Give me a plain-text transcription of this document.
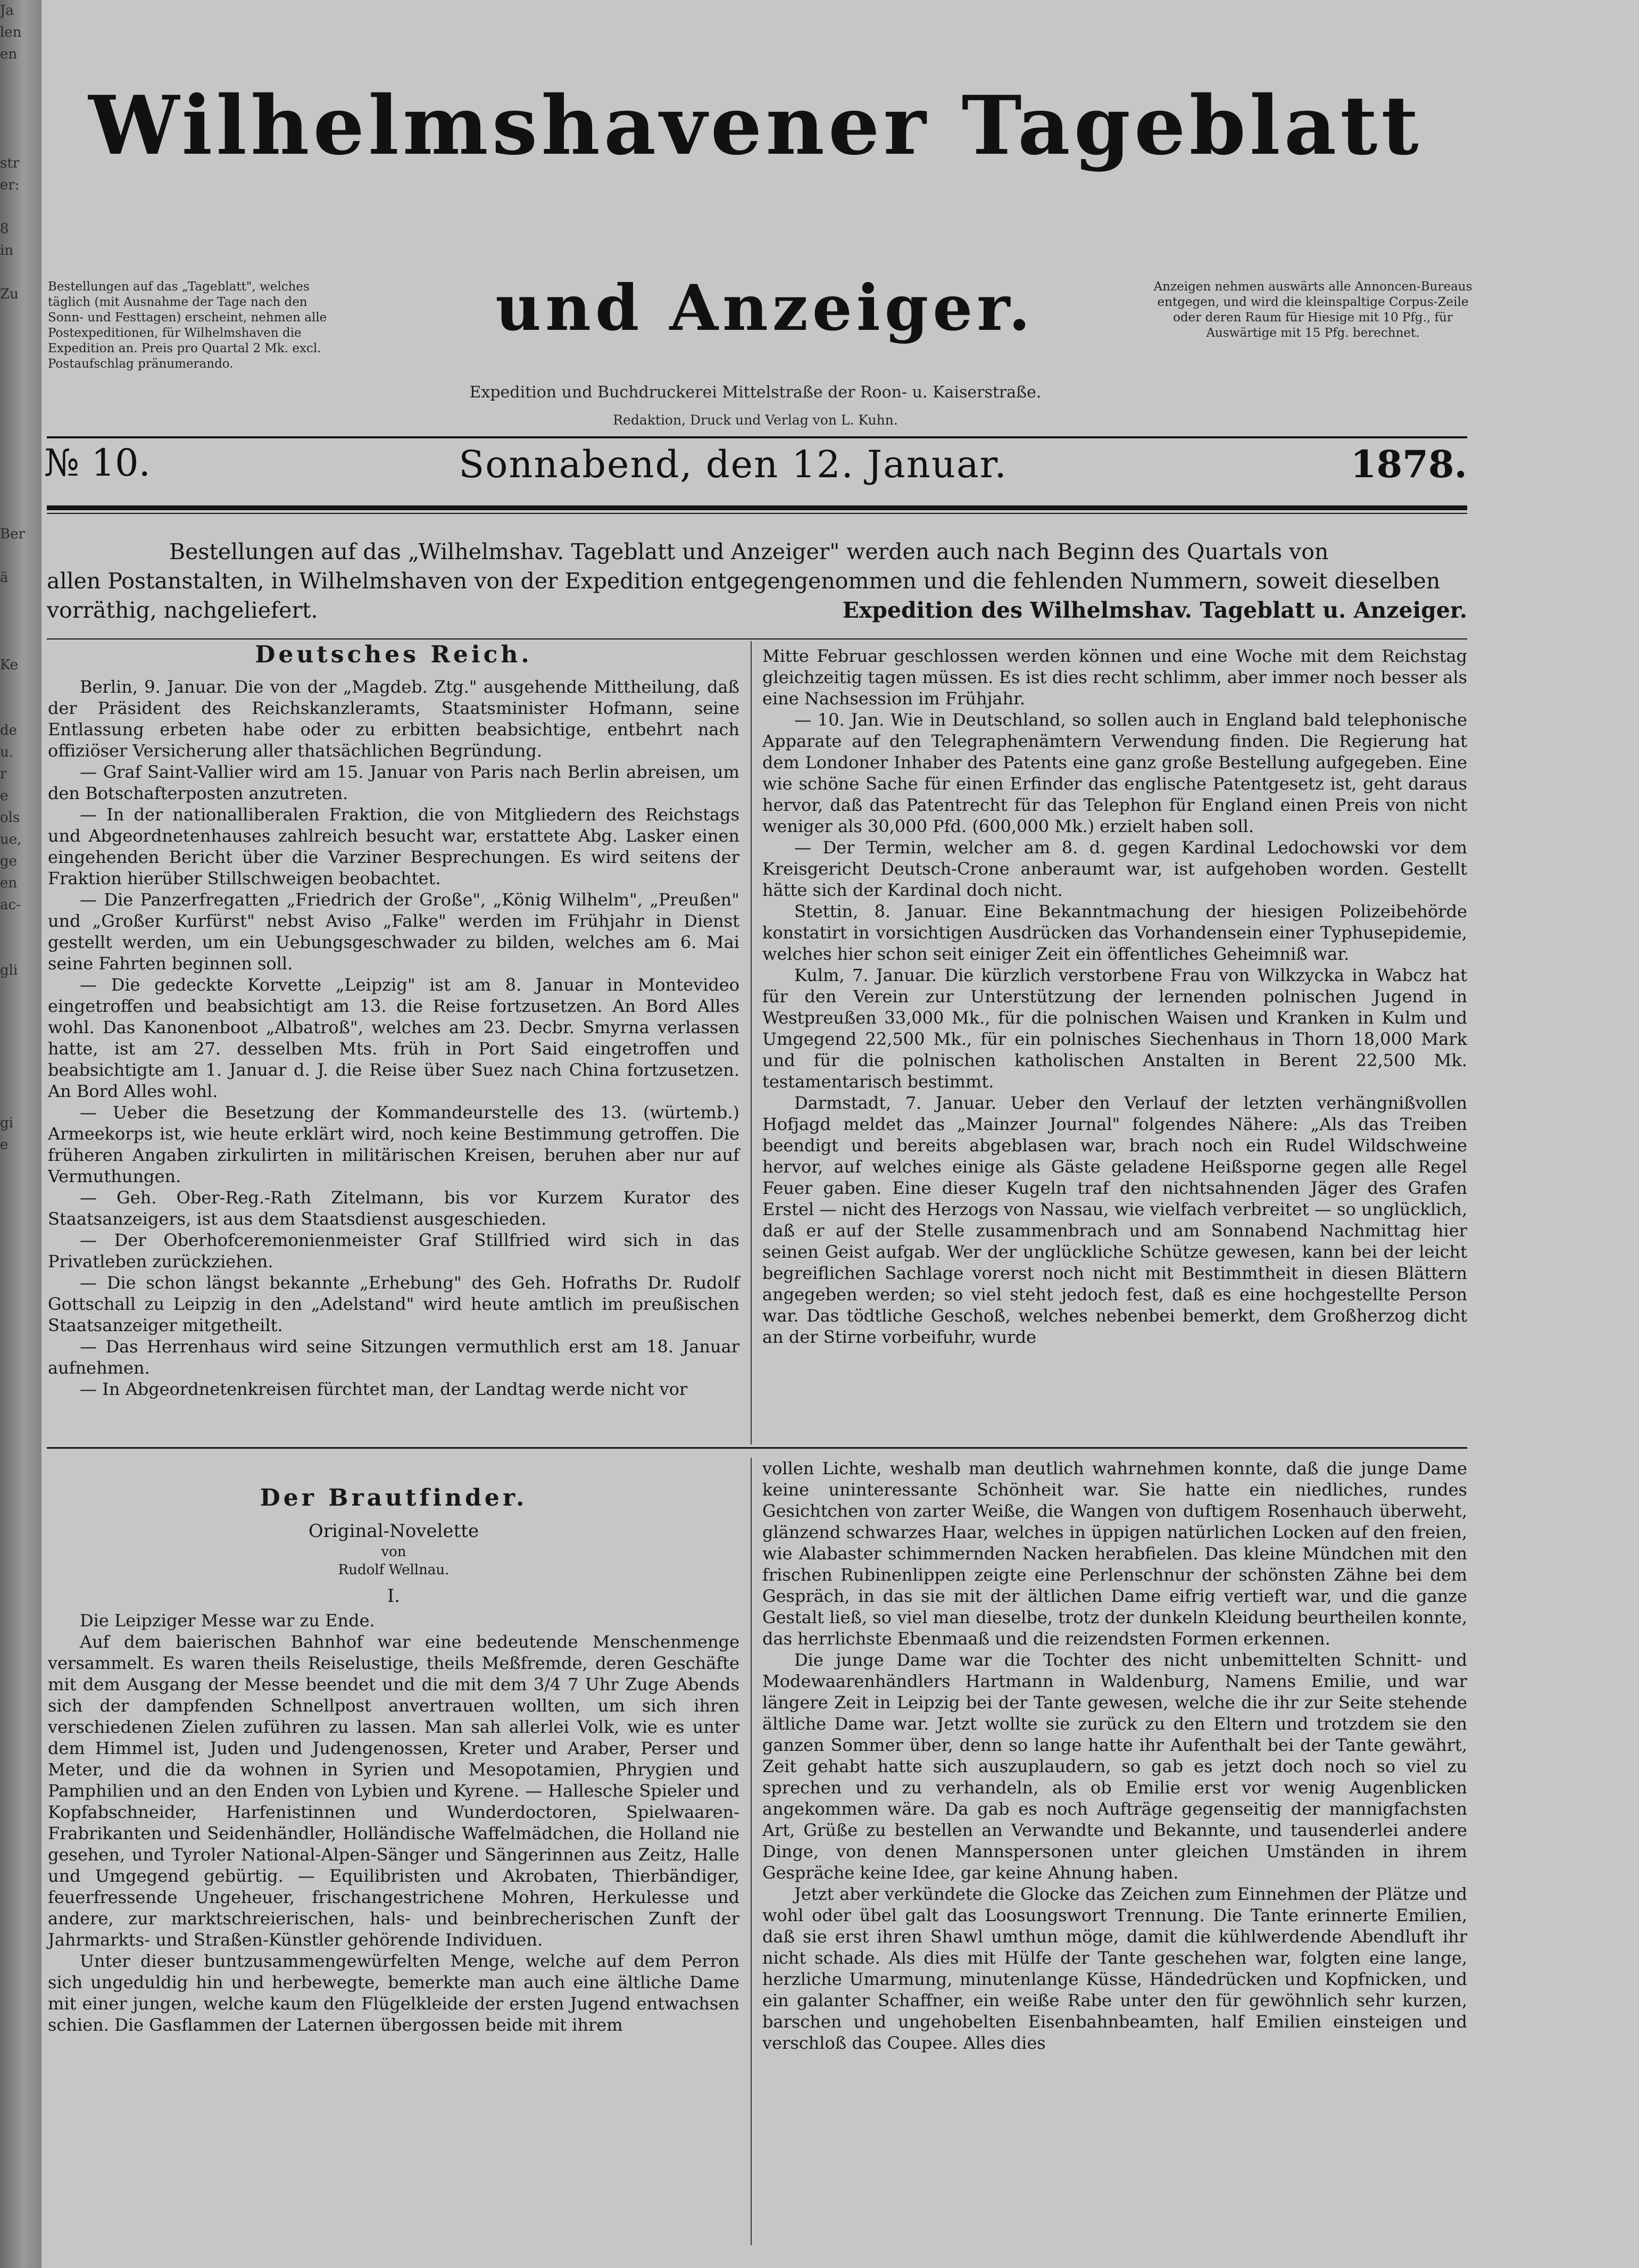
Ja
len
en

str
er:

8
in

Zu

Ber

ä

Ke

de
u.
r
e
ols
ue,
ge
en
ac-

gli

gi
e

Wilhelmshavener Tageblatt
und Anzeiger.
Bestellungen auf das „Tageblatt", welches täglich (mit Ausnahme der Tage nach den Sonn- und Festtagen) erscheint, nehmen alle Postexpeditionen, für Wilhelmshaven die Expedition an. Preis pro Quartal 2 Mk. excl. Postaufschlag pränumerando.
Anzeigen nehmen auswärts alle Annoncen-Bureaus entgegen, und wird die kleinspaltige Corpus-Zeile oder deren Raum für Hiesige mit 10 Pfg., für Auswärtige mit 15 Pfg. berechnet.
Expedition und Buchdruckerei Mittelstraße der Roon- u. Kaiserstraße.
Redaktion, Druck und Verlag von L. Kuhn.
№ 10.	Sonnabend, den 12. Januar.	1878.
Bestellungen auf das „Wilhelmshav. Tageblatt und Anzeiger" werden auch nach Beginn des Quartals von
allen Postanstalten, in Wilhelmshaven von der Expedition entgegengenommen und die fehlenden Nummern, soweit dieselben
vorräthig, nachgeliefert.	Expedition des Wilhelmshav. Tageblatt u. Anzeiger.
Deutsches Reich.

Berlin, 9. Januar. Die von der „Magdeb. Ztg." ausgehende Mittheilung, daß der Präsident des Reichskanzleramts, Staatsminister Hofmann, seine Entlassung erbeten habe oder zu erbitten beabsichtige, entbehrt nach offiziöser Versicherung aller thatsächlichen Begründung.

— Graf Saint-Vallier wird am 15. Januar von Paris nach Berlin abreisen, um den Botschafterposten anzutreten.

— In der nationalliberalen Fraktion, die von Mitgliedern des Reichstags und Abgeordnetenhauses zahlreich besucht war, erstattete Abg. Lasker einen eingehenden Bericht über die Varziner Besprechungen. Es wird seitens der Fraktion hierüber Stillschweigen beobachtet.

— Die Panzerfregatten „Friedrich der Große", „König Wilhelm", „Preußen" und „Großer Kurfürst" nebst Aviso „Falke" werden im Frühjahr in Dienst gestellt werden, um ein Uebungsgeschwader zu bilden, welches am 6. Mai seine Fahrten beginnen soll.

— Die gedeckte Korvette „Leipzig" ist am 8. Januar in Montevideo eingetroffen und beabsichtigt am 13. die Reise fortzusetzen. An Bord Alles wohl. Das Kanonenboot „Albatroß", welches am 23. Decbr. Smyrna verlassen hatte, ist am 27. desselben Mts. früh in Port Said eingetroffen und beabsichtigte am 1. Januar d. J. die Reise über Suez nach China fortzusetzen. An Bord Alles wohl.

— Ueber die Besetzung der Kommandeurstelle des 13. (würtemb.) Armeekorps ist, wie heute erklärt wird, noch keine Bestimmung getroffen. Die früheren Angaben zirkulirten in militärischen Kreisen, beruhen aber nur auf Vermuthungen.

— Geh. Ober-Reg.-Rath Zitelmann, bis vor Kurzem Kurator des Staatsanzeigers, ist aus dem Staatsdienst ausgeschieden.

— Der Oberhofceremonienmeister Graf Stillfried wird sich in das Privatleben zurückziehen.

— Die schon längst bekannte „Erhebung" des Geh. Hofraths Dr. Rudolf Gottschall zu Leipzig in den „Adelstand" wird heute amtlich im preußischen Staatsanzeiger mitgetheilt.

— Das Herrenhaus wird seine Sitzungen vermuthlich erst am 18. Januar aufnehmen.

— In Abgeordnetenkreisen fürchtet man, der Landtag werde nicht vor

Mitte Februar geschlossen werden können und eine Woche mit dem Reichstag gleichzeitig tagen müssen. Es ist dies recht schlimm, aber immer noch besser als eine Nachsession im Frühjahr.

— 10. Jan. Wie in Deutschland, so sollen auch in England bald telephonische Apparate auf den Telegraphenämtern Verwendung finden. Die Regierung hat dem Londoner Inhaber des Patents eine ganz große Bestellung aufgegeben. Eine wie schöne Sache für einen Erfinder das englische Patentgesetz ist, geht daraus hervor, daß das Patentrecht für das Telephon für England einen Preis von nicht weniger als 30,000 Pfd. (600,000 Mk.) erzielt haben soll.

— Der Termin, welcher am 8. d. gegen Kardinal Ledochowski vor dem Kreisgericht Deutsch-Crone anberaumt war, ist aufgehoben worden. Gestellt hätte sich der Kardinal doch nicht.

Stettin, 8. Januar. Eine Bekanntmachung der hiesigen Polizeibehörde konstatirt in vorsichtigen Ausdrücken das Vorhandensein einer Typhusepidemie, welches hier schon seit einiger Zeit ein öffentliches Geheimniß war.

Kulm, 7. Januar. Die kürzlich verstorbene Frau von Wilkzycka in Wabcz hat für den Verein zur Unterstützung der lernenden polnischen Jugend in Westpreußen 33,000 Mk., für die polnischen Waisen und Kranken in Kulm und Umgegend 22,500 Mk., für ein polnisches Siechenhaus in Thorn 18,000 Mark und für die polnischen katholischen Anstalten in Berent 22,500 Mk. testamentarisch bestimmt.

Darmstadt, 7. Januar. Ueber den Verlauf der letzten verhängnißvollen Hofjagd meldet das „Mainzer Journal" folgendes Nähere: „Als das Treiben beendigt und bereits abgeblasen war, brach noch ein Rudel Wildschweine hervor, auf welches einige als Gäste geladene Heißsporne gegen alle Regel Feuer gaben. Eine dieser Kugeln traf den nichtsahnenden Jäger des Grafen Erstel — nicht des Herzogs von Nassau, wie vielfach verbreitet — so unglücklich, daß er auf der Stelle zusammenbrach und am Sonnabend Nachmittag hier seinen Geist aufgab. Wer der unglückliche Schütze gewesen, kann bei der leicht begreiflichen Sachlage vorerst noch nicht mit Bestimmtheit in diesen Blättern angegeben werden; so viel steht jedoch fest, daß es eine hochgestellte Person war. Das tödtliche Geschoß, welches nebenbei bemerkt, dem Großherzog dicht an der Stirne vorbeifuhr, wurde

Der Brautfinder.
Original-Novelette
von
Rudolf Wellnau.
I.

Die Leipziger Messe war zu Ende.

Auf dem baierischen Bahnhof war eine bedeutende Menschenmenge versammelt. Es waren theils Reiselustige, theils Meßfremde, deren Geschäfte mit dem Ausgang der Messe beendet und die mit dem 3/4 7 Uhr Zuge Abends sich der dampfenden Schnellpost anvertrauen wollten, um sich ihren verschiedenen Zielen zuführen zu lassen. Man sah allerlei Volk, wie es unter dem Himmel ist, Juden und Judengenossen, Kreter und Araber, Perser und Meter, und die da wohnen in Syrien und Mesopotamien, Phrygien und Pamphilien und an den Enden von Lybien und Kyrene. — Hallesche Spieler und Kopfabschneider, Harfenistinnen und Wunderdoctoren, Spielwaaren-Frabrikanten und Seidenhändler, Holländische Waffelmädchen, die Holland nie gesehen, und Tyroler National-Alpen-Sänger und Sängerinnen aus Zeitz, Halle und Umgegend gebürtig. — Equilibristen und Akrobaten, Thierbändiger, feuerfressende Ungeheuer, frischangestrichene Mohren, Herkulesse und andere, zur marktschreierischen, hals- und beinbrecherischen Zunft der Jahrmarkts- und Straßen-Künstler gehörende Individuen.

Unter dieser buntzusammengewürfelten Menge, welche auf dem Perron sich ungeduldig hin und herbewegte, bemerkte man auch eine ältliche Dame mit einer jungen, welche kaum den Flügelkleide der ersten Jugend entwachsen schien. Die Gasflammen der Laternen übergossen beide mit ihrem

vollen Lichte, weshalb man deutlich wahrnehmen konnte, daß die junge Dame keine uninteressante Schönheit war. Sie hatte ein niedliches, rundes Gesichtchen von zarter Weiße, die Wangen von duftigem Rosenhauch überweht, glänzend schwarzes Haar, welches in üppigen natürlichen Locken auf den freien, wie Alabaster schimmernden Nacken herabfielen. Das kleine Mündchen mit den frischen Rubinenlippen zeigte eine Perlenschnur der schönsten Zähne bei dem Gespräch, in das sie mit der ältlichen Dame eifrig vertieft war, und die ganze Gestalt ließ, so viel man dieselbe, trotz der dunkeln Kleidung beurtheilen konnte, das herrlichste Ebenmaaß und die reizendsten Formen erkennen.

Die junge Dame war die Tochter des nicht unbemittelten Schnitt- und Modewaarenhändlers Hartmann in Waldenburg, Namens Emilie, und war längere Zeit in Leipzig bei der Tante gewesen, welche die ihr zur Seite stehende ältliche Dame war. Jetzt wollte sie zurück zu den Eltern und trotzdem sie den ganzen Sommer über, denn so lange hatte ihr Aufenthalt bei der Tante gewährt, Zeit gehabt hatte sich auszuplaudern, so gab es jetzt doch noch so viel zu sprechen und zu verhandeln, als ob Emilie erst vor wenig Augenblicken angekommen wäre. Da gab es noch Aufträge gegenseitig der mannigfachsten Art, Grüße zu bestellen an Verwandte und Bekannte, und tausenderlei andere Dinge, von denen Mannspersonen unter gleichen Umständen in ihrem Gespräche keine Idee, gar keine Ahnung haben.

Jetzt aber verkündete die Glocke das Zeichen zum Einnehmen der Plätze und wohl oder übel galt das Loosungswort Trennung. Die Tante erinnerte Emilien, daß sie erst ihren Shawl umthun möge, damit die kühlwerdende Abendluft ihr nicht schade. Als dies mit Hülfe der Tante geschehen war, folgten eine lange, herzliche Umarmung, minutenlange Küsse, Händedrücken und Kopfnicken, und ein galanter Schaffner, ein weiße Rabe unter den für gewöhnlich sehr kurzen, barschen und ungehobelten Eisenbahnbeamten, half Emilien einsteigen und verschloß das Coupee. Alles dies
